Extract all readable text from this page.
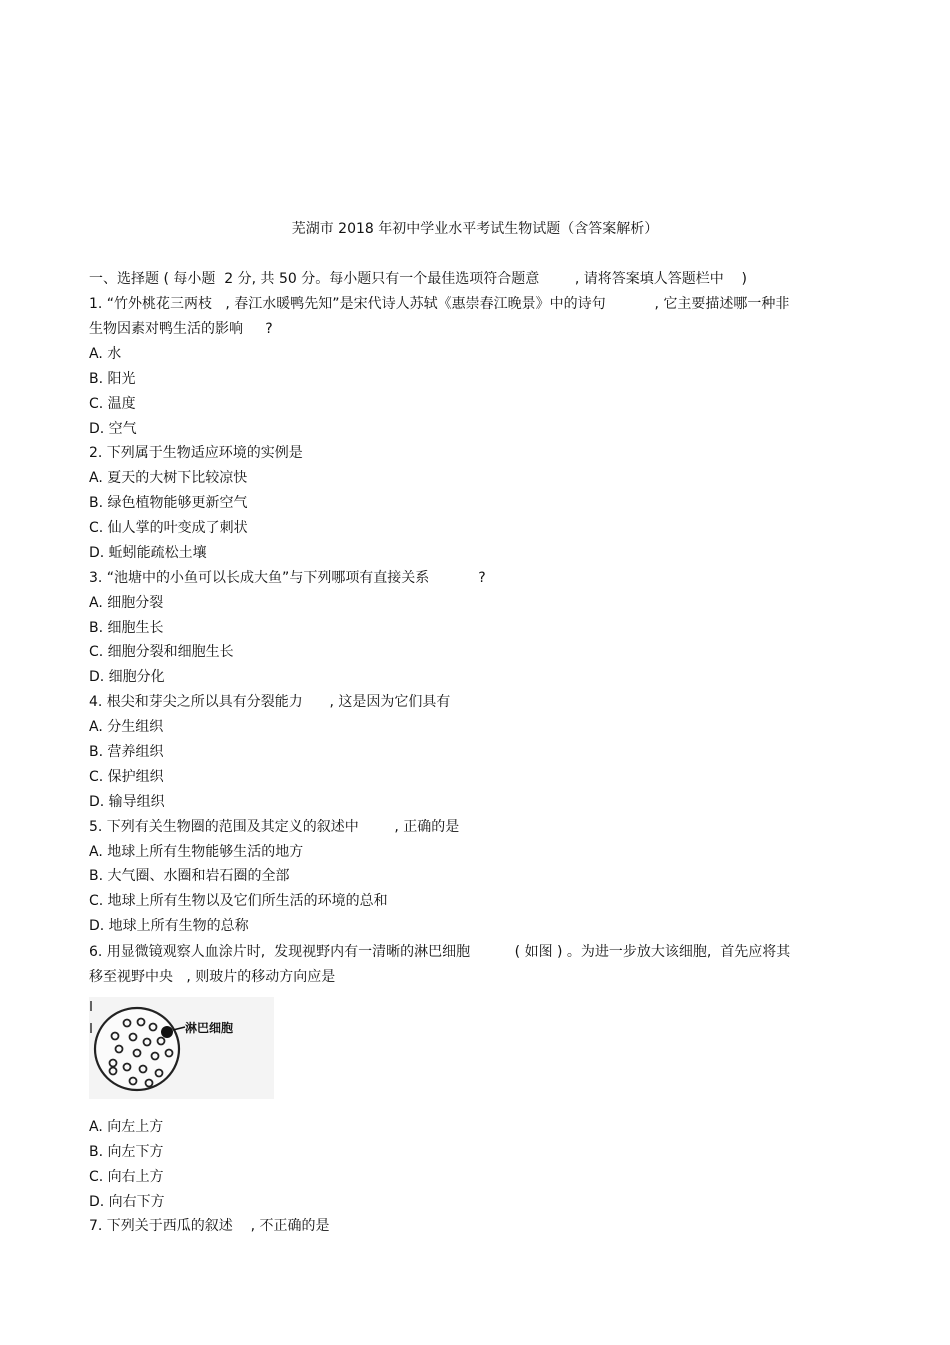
芜湖市 2018 年初中学业水平考试生物试题（含答案解析）
一、选择题 ( 每小题  2 分, 共 50 分。每小题只有一个最佳选项符合题意        , 请将答案填人答题栏中    )
1. “竹外桃花三两枝   , 春江水暖鸭先知”是宋代诗人苏轼《惠崇春江晚景》中的诗句           , 它主要描述哪一种非
生物因素对鸭生活的影响     ?
A. 水
B. 阳光
C. 温度
D. 空气
2. 下列属于生物适应环境的实例是
A. 夏天的大树下比较凉快
B. 绿色植物能够更新空气
C. 仙人掌的叶变成了刺状
D. 蚯蚓能疏松土壤
3. “池塘中的小鱼可以长成大鱼”与下列哪项有直接关系           ?
A. 细胞分裂
B. 细胞生长
C. 细胞分裂和细胞生长
D. 细胞分化
4. 根尖和芽尖之所以具有分裂能力      , 这是因为它们具有
A. 分生组织
B. 营养组织
C. 保护组织
D. 输导组织
5. 下列有关生物圈的范围及其定义的叙述中        , 正确的是
A. 地球上所有生物能够生活的地方
B. 大气圈、水圈和岩石圈的全部
C. 地球上所有生物以及它们所生活的环境的总和
D. 地球上所有生物的总称
6. 用显微镜观察人血涂片时,  发现视野内有一清晰的淋巴细胞          ( 如图 ) 。为进一步放大该细胞,  首先应将其
移至视野中央   , 则玻片的移动方向应是
淋巴细胞
A. 向左上方
B. 向左下方
C. 向右上方
D. 向右下方
7. 下列关于西瓜的叙述    , 不正确的是
